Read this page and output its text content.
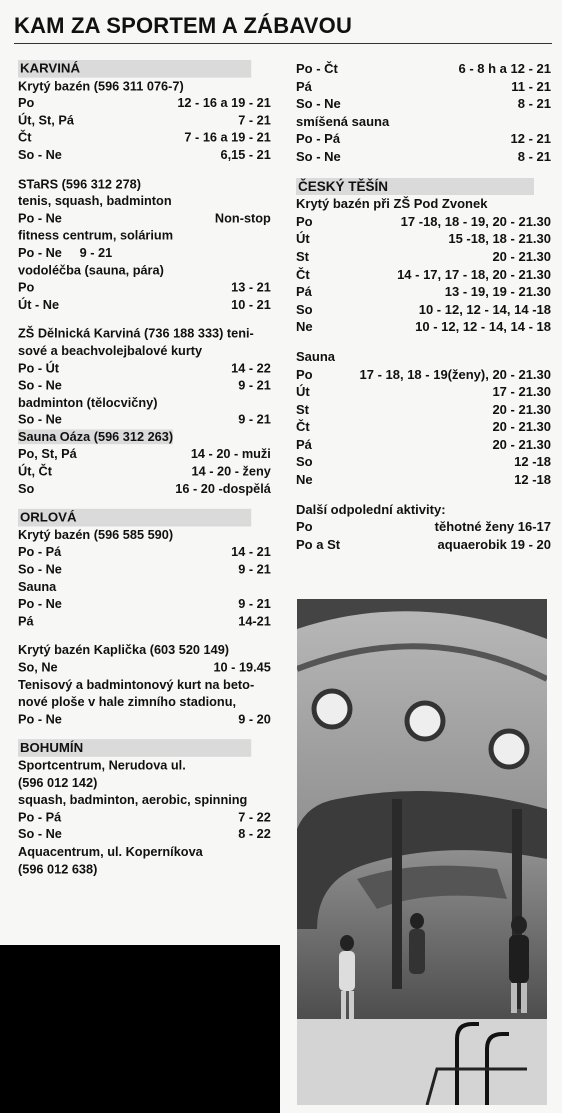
KAM ZA SPORTEM A ZÁBAVOU
KARVINÁ
Krytý bazén (596 311 076-7)
Po	12 - 16 a 19 - 21
Út, St, Pá	7 - 21
Čt	7 - 16 a 19 - 21
So - Ne	6,15 - 21
STaRS (596 312 278)
tenis, squash, badminton
Po - Ne	Non-stop
fitness centrum, solárium
Po - Ne     9 - 21
vodoléčba (sauna, pára)
Po	13 - 21
Út - Ne	10 - 21
ZŠ Dělnická Karviná (736 188 333) teni-
sové a beachvolejbalové kurty
Po - Út	14 - 22
So - Ne	9 - 21
badminton (tělocvičny)
So - Ne	9 - 21
Sauna Oáza (596 312 263)
Po, St, Pá	14 - 20 - muži
Út, Čt	14 - 20 - ženy
So	16 - 20 -dospělá
ORLOVÁ
Krytý bazén (596 585 590)
Po - Pá	14 - 21
So - Ne	9 - 21
Sauna
Po - Ne	9 - 21
Pá	14-21
Krytý bazén Kaplička (603 520 149)
So, Ne	10 - 19.45
Tenisový a badmintonový kurt na beto-
nové ploše v hale zimního stadionu,
Po - Ne	9 - 20
BOHUMÍN
Sportcentrum, Nerudova ul.
(596 012 142)
squash, badminton, aerobic, spinning
Po - Pá	7 - 22
So - Ne	8 - 22
Aquacentrum, ul. Koperníkova
(596 012 638)
Po - Čt	6 - 8 h a 12 - 21
Pá	11 - 21
So - Ne	8 - 21
smíšená sauna
Po - Pá	12 - 21
So - Ne	8 - 21
ČESKÝ TĚŠÍN
Krytý bazén při ZŠ Pod Zvonek
Po	17 -18, 18 - 19, 20 - 21.30
Út	15 -18, 18 - 21.30
St	20 - 21.30
Čt	14 - 17, 17 - 18, 20 - 21.30
Pá	13 - 19, 19 - 21.30
So	10 - 12, 12 - 14, 14 -18
Ne	10 - 12, 12 - 14, 14 - 18
Sauna
Po	17 - 18, 18 - 19(ženy), 20 - 21.30
Út	17 - 21.30
St	20 - 21.30
Čt	20 - 21.30
Pá	20 - 21.30
So	12 -18
Ne	12 -18
Další odpolední aktivity:
Po	těhotné ženy 16-17
Po a St	aquaerobik 19 - 20
